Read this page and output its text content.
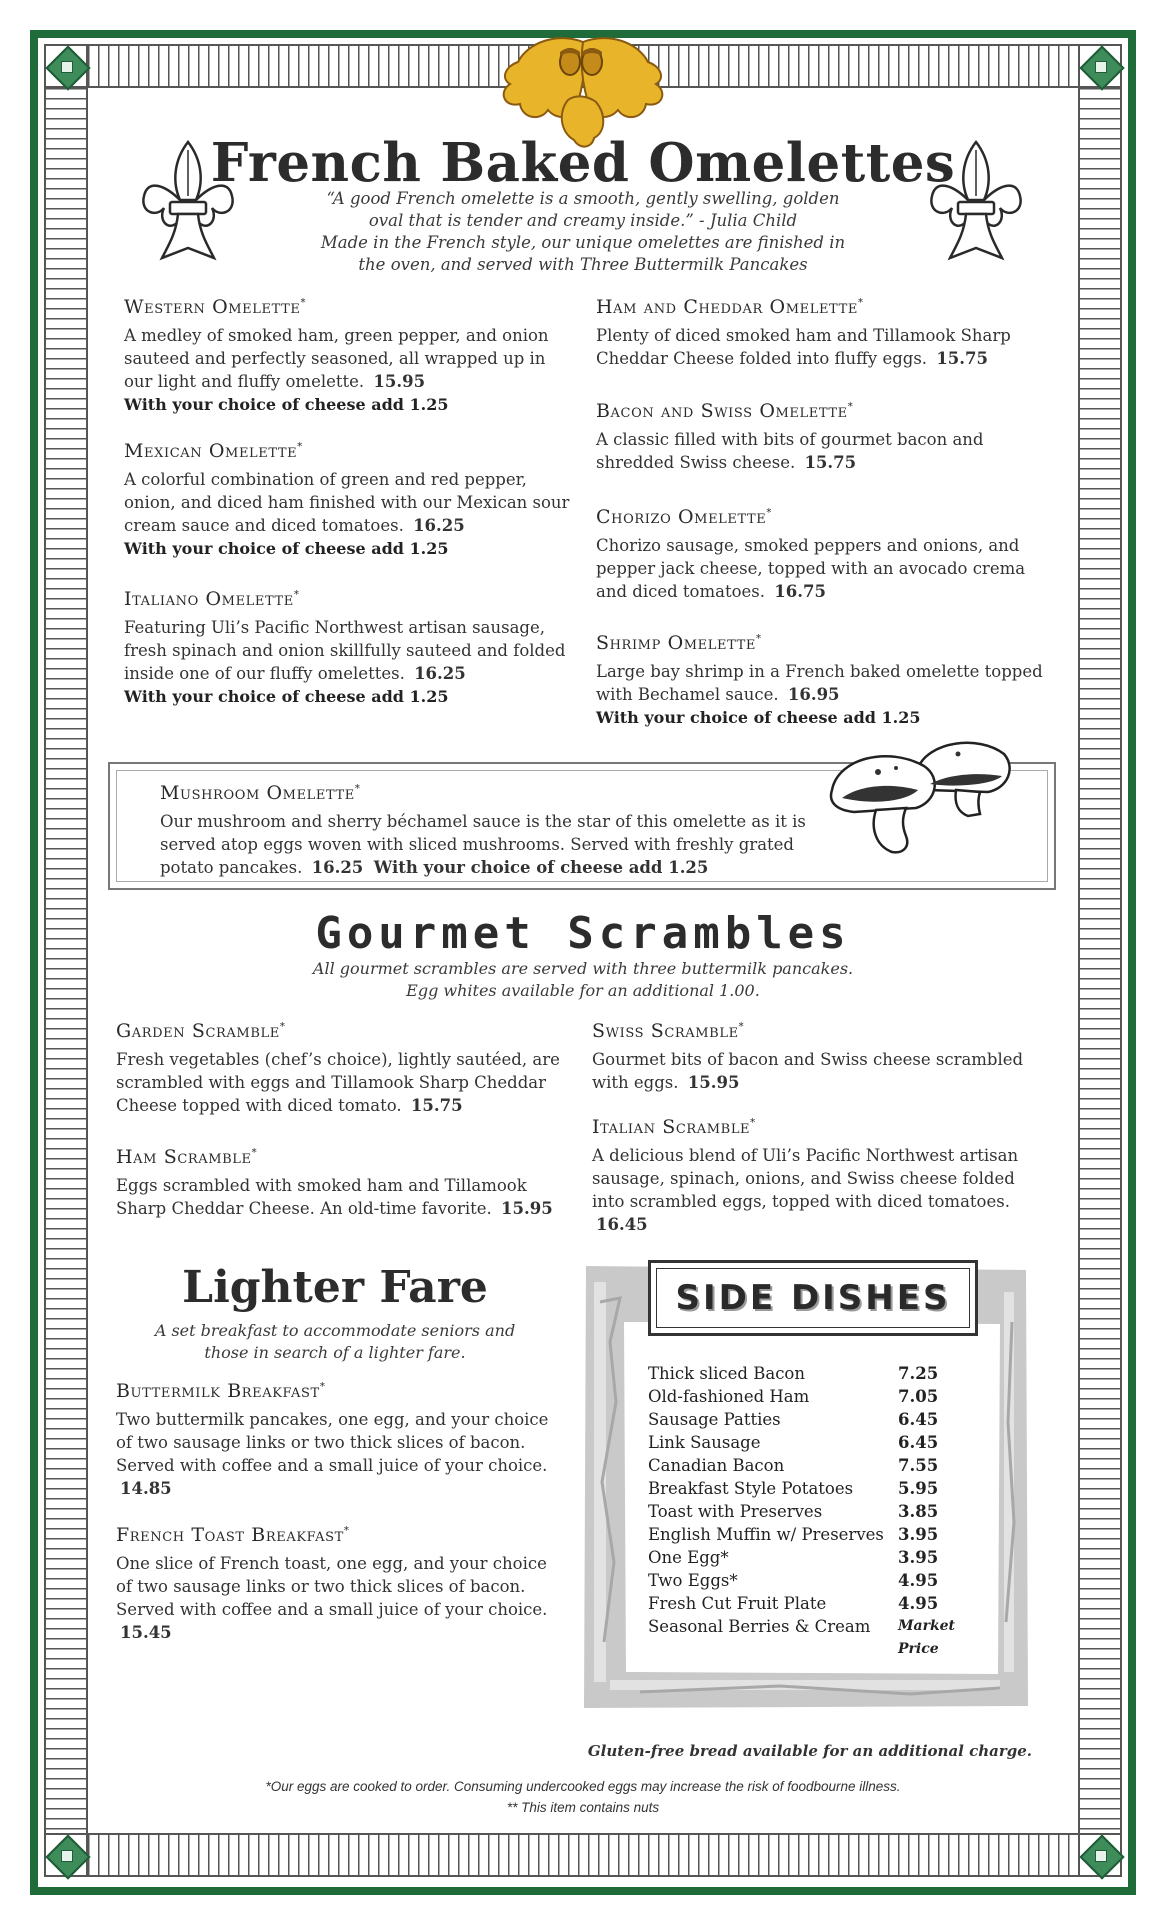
French Baked Omelettes
“A good French omelette is a smooth, gently swelling, golden
oval that is tender and creamy inside.” - Julia Child
Made in the French style, our unique omelettes are finished in
the oven, and served with Three Buttermilk Pancakes
Western Omelette*
A medley of smoked ham, green pepper, and onion sauteed and perfectly seasoned, all wrapped up in our light and fluffy omelette. 15.95
With your choice of cheese add 1.25
Mexican Omelette*
A colorful combination of green and red pepper, onion, and diced ham finished with our Mexican sour cream sauce and diced tomatoes. 16.25
With your choice of cheese add 1.25
Italiano Omelette*
Featuring Uli’s Pacific Northwest artisan sausage, fresh spinach and onion skillfully sauteed and folded inside one of our fluffy omelettes. 16.25
With your choice of cheese add 1.25
Ham and Cheddar Omelette*
Plenty of diced smoked ham and Tillamook Sharp Cheddar Cheese folded into fluffy eggs. 15.75
Bacon and Swiss Omelette*
A classic filled with bits of gourmet bacon and shredded Swiss cheese. 15.75
Chorizo Omelette*
Chorizo sausage, smoked peppers and onions, and pepper jack cheese, topped with an avocado crema and diced tomatoes. 16.75
Shrimp Omelette*
Large bay shrimp in a French baked omelette topped with Bechamel sauce. 16.95
With your choice of cheese add 1.25
Mushroom Omelette*
Our mushroom and sherry béchamel sauce is the star of this omelette as it is served atop eggs woven with sliced mushrooms. Served with freshly grated potato pancakes. 16.25 With your choice of cheese add 1.25
Gourmet Scrambles
All gourmet scrambles are served with three buttermilk pancakes.
Egg whites available for an additional 1.00.
Garden Scramble*
Fresh vegetables (chef’s choice), lightly sautéed, are scrambled with eggs and Tillamook Sharp Cheddar Cheese topped with diced tomato. 15.75
Ham Scramble*
Eggs scrambled with smoked ham and Tillamook Sharp Cheddar Cheese. An old-time favorite. 15.95
Swiss Scramble*
Gourmet bits of bacon and Swiss cheese scrambled with eggs. 15.95
Italian Scramble*
A delicious blend of Uli’s Pacific Northwest artisan sausage, spinach, onions, and Swiss cheese folded into scrambled eggs, topped with diced tomatoes. 16.45
Lighter Fare
A set breakfast to accommodate seniors and
those in search of a lighter fare.
Buttermilk Breakfast*
Two buttermilk pancakes, one egg, and your choice of two sausage links or two thick slices of bacon. Served with coffee and a small juice of your choice. 14.85
French Toast Breakfast*
One slice of French toast, one egg, and your choice of two sausage links or two thick slices of bacon. Served with coffee and a small juice of your choice. 15.45
SIDE DISHES
Thick sliced Bacon	7.25
Old-fashioned Ham	7.05
Sausage Patties	6.45
Link Sausage	6.45
Canadian Bacon	7.55
Breakfast Style Potatoes	5.95
Toast with Preserves	3.85
English Muffin w/ Preserves 3.95
One Egg*	3.95
Two Eggs*	4.95
Fresh Cut Fruit Plate	4.95
Seasonal Berries & Cream Market Price
Gluten-free bread available for an additional charge.
*Our eggs are cooked to order. Consuming undercooked eggs may increase the risk of foodbourne illness.
** This item contains nuts
